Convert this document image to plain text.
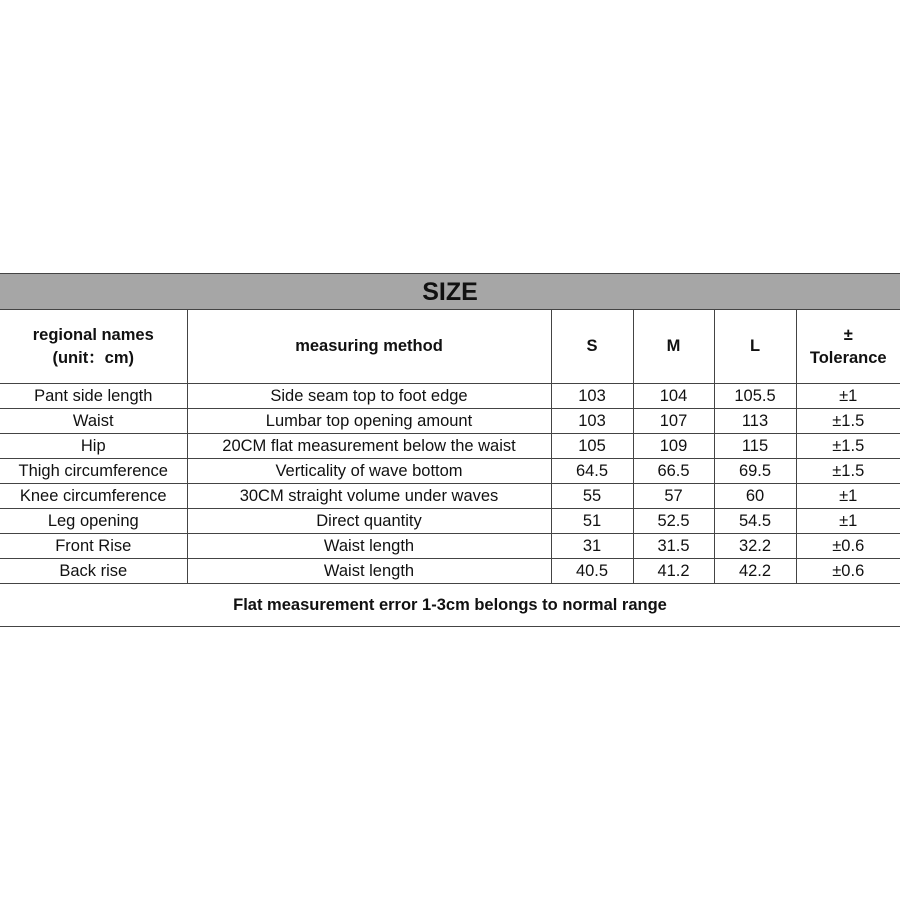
SIZE
regional names
(unit：cm)	measuring method	S	M	L	±
Tolerance

Pant side length	Side seam top to foot edge	103	104	105.5	±1
Waist	Lumbar top opening amount	103	107	113	±1.5
Hip	20CM flat measurement below the waist	105	109	115	±1.5
Thigh circumference	Verticality of wave bottom	64.5	66.5	69.5	±1.5
Knee circumference	30CM straight volume under waves	55	57	60	±1
Leg opening	Direct quantity	51	52.5	54.5	±1
Front Rise	Waist length	31	31.5	32.2	±0.6
Back rise	Waist length	40.5	41.2	42.2	±0.6
Flat measurement error 1-3cm belongs to normal range
